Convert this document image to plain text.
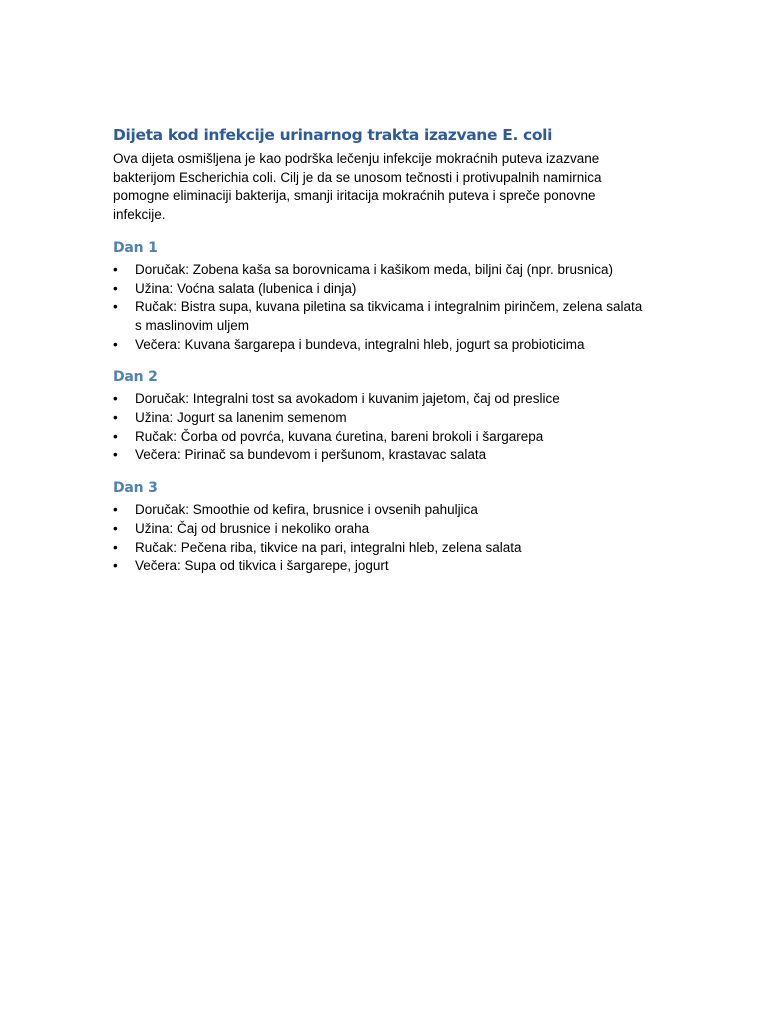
Dijeta kod infekcije urinarnog trakta izazvane E. coli

Ova dijeta osmišljena je kao podrška lečenju infekcije mokraćnih puteva izazvane
bakterijom Escherichia coli. Cilj je da se unosom tečnosti i protivupalnih namirnica
pomogne eliminaciji bakterija, smanji iritacija mokraćnih puteva i spreče ponovne
infekcije.

Dan 1
•	Doručak: Zobena kaša sa borovnicama i kašikom meda, biljni čaj (npr. brusnica)
•	Užina: Voćna salata (lubenica i dinja)
•	Ručak: Bistra supa, kuvana piletina sa tikvicama i integralnim pirinčem, zelena salata
s maslinovim uljem
•	Večera: Kuvana šargarepa i bundeva, integralni hleb, jogurt sa probioticima
Dan 2
•	Doručak: Integralni tost sa avokadom i kuvanim jajetom, čaj od preslice
•	Užina: Jogurt sa lanenim semenom
•	Ručak: Čorba od povrća, kuvana ćuretina, bareni brokoli i šargarepa
•	Večera: Pirinač sa bundevom i peršunom, krastavac salata
Dan 3
•	Doručak: Smoothie od kefira, brusnice i ovsenih pahuljica
•	Užina: Čaj od brusnice i nekoliko oraha
•	Ručak: Pečena riba, tikvice na pari, integralni hleb, zelena salata
•	Večera: Supa od tikvica i šargarepe, jogurt
